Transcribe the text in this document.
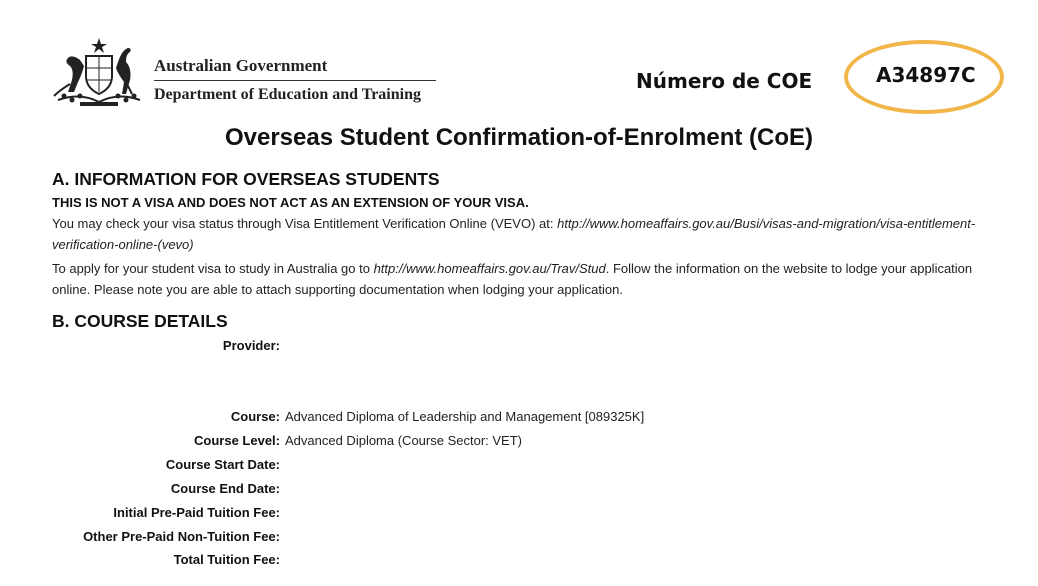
Australian Government
Department of Education and Training
Número de COE	A34897C
Overseas Student Confirmation-of-Enrolment (CoE)
A. INFORMATION FOR OVERSEAS STUDENTS
THIS IS NOT A VISA AND DOES NOT ACT AS AN EXTENSION OF YOUR VISA.
You may check your visa status through Visa Entitlement Verification Online (VEVO) at: http://www.homeaffairs.gov.au/Busi/visas-and-migration/visa-entitlement-verification-online-(vevo)
To apply for your student visa to study in Australia go to http://www.homeaffairs.gov.au/Trav/Stud. Follow the information on the website to lodge your application online. Please note you are able to attach supporting documentation when lodging your application.
B. COURSE DETAILS
Provider:
Course: Advanced Diploma of Leadership and Management [089325K]
Course Level: Advanced Diploma (Course Sector: VET)
Course Start Date:
Course End Date:
Initial Pre-Paid Tuition Fee:
Other Pre-Paid Non-Tuition Fee:
Total Tuition Fee:
